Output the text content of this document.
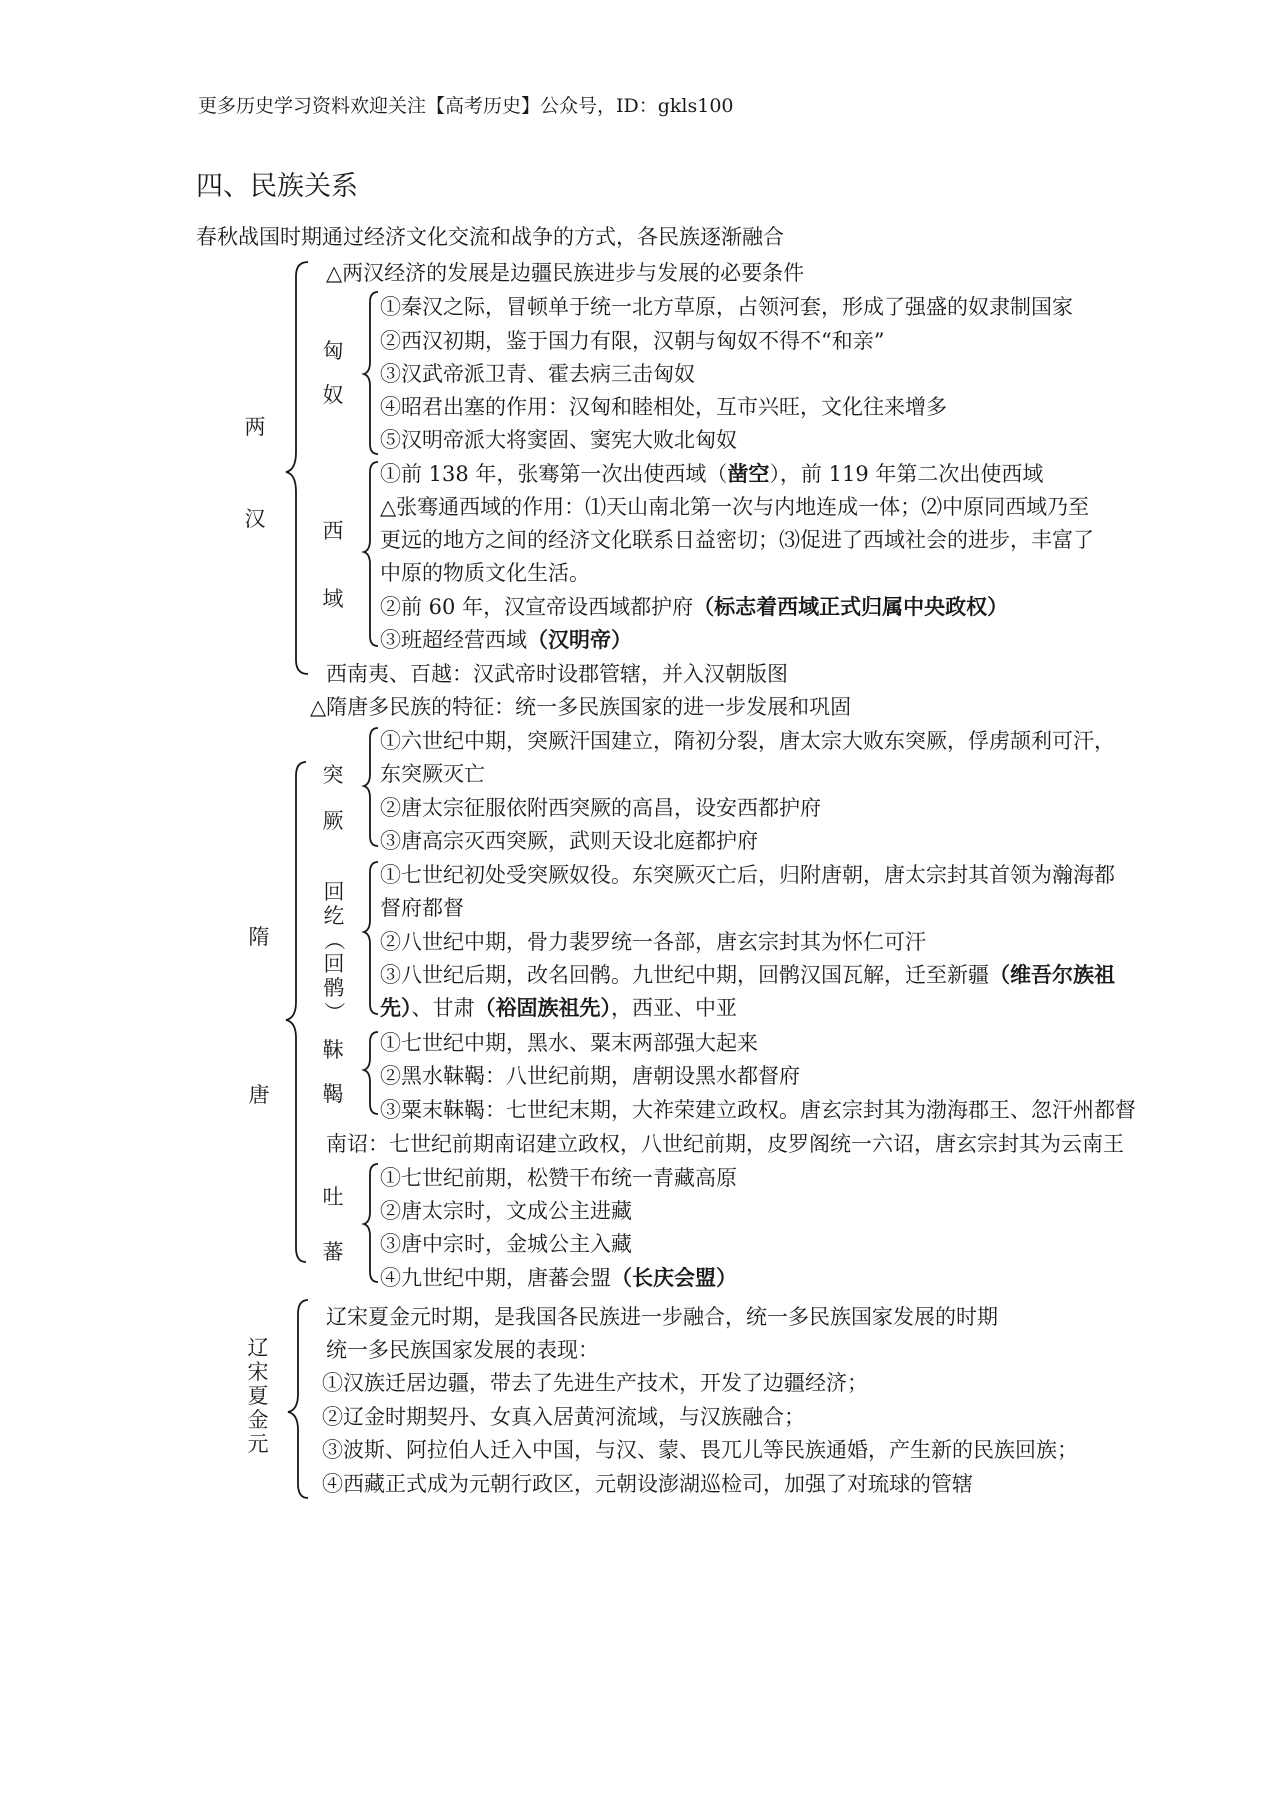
更多历史学习资料欢迎关注【高考历史】公众号，ID：gkls100
四、民族关系
春秋战国时期通过经济文化交流和战争的方式，各民族逐渐融合
两
汉
△两汉经济的发展是边疆民族进步与发展的必要条件
匈
奴
①秦汉之际，冒顿单于统一北方草原，占领河套，形成了强盛的奴隶制国家
②西汉初期，鉴于国力有限，汉朝与匈奴不得不“和亲”
③汉武帝派卫青、霍去病三击匈奴
④昭君出塞的作用：汉匈和睦相处，互市兴旺，文化往来增多
⑤汉明帝派大将窦固、窦宪大败北匈奴
西
域
①前 138 年，张骞第一次出使西域（凿空），前 119 年第二次出使西域
△张骞通西域的作用：⑴天山南北第一次与内地连成一体；⑵中原同西域乃至
更远的地方之间的经济文化联系日益密切；⑶促进了西域社会的进步，丰富了
中原的物质文化生活。
②前 60 年，汉宣帝设西域都护府（标志着西域正式归属中央政权）
③班超经营西域（汉明帝）
西南夷、百越：汉武帝时设郡管辖，并入汉朝版图
△隋唐多民族的特征：统一多民族国家的进一步发展和巩固
隋
唐
突
厥
①六世纪中期，突厥汗国建立，隋初分裂，唐太宗大败东突厥，俘虏颉利可汗，
东突厥灭亡
②唐太宗征服依附西突厥的高昌，设安西都护府
③唐高宗灭西突厥，武则天设北庭都护府
回
纥
（
回
鹘
）
①七世纪初处受突厥奴役。东突厥灭亡后，归附唐朝，唐太宗封其首领为瀚海都
督府都督
②八世纪中期，骨力裴罗统一各部，唐玄宗封其为怀仁可汗
③八世纪后期，改名回鹘。九世纪中期，回鹘汉国瓦解，迁至新疆（维吾尔族祖
先）、甘肃（裕固族祖先），西亚、中亚
靺
鞨
①七世纪中期，黑水、粟末两部强大起来
②黑水靺鞨：八世纪前期，唐朝设黑水都督府
③粟末靺鞨：七世纪末期，大祚荣建立政权。唐玄宗封其为渤海郡王、忽汗州都督
南诏：七世纪前期南诏建立政权，八世纪前期，皮罗阁统一六诏，唐玄宗封其为云南王
吐
蕃
①七世纪前期，松赞干布统一青藏高原
②唐太宗时，文成公主进藏
③唐中宗时，金城公主入藏
④九世纪中期，唐蕃会盟（长庆会盟）
辽
宋
夏
金
元
辽宋夏金元时期，是我国各民族进一步融合，统一多民族国家发展的时期
统一多民族国家发展的表现：
①汉族迁居边疆，带去了先进生产技术，开发了边疆经济；
②辽金时期契丹、女真入居黄河流域，与汉族融合；
③波斯、阿拉伯人迁入中国，与汉、蒙、畏兀儿等民族通婚，产生新的民族回族；
④西藏正式成为元朝行政区，元朝设澎湖巡检司，加强了对琉球的管辖
